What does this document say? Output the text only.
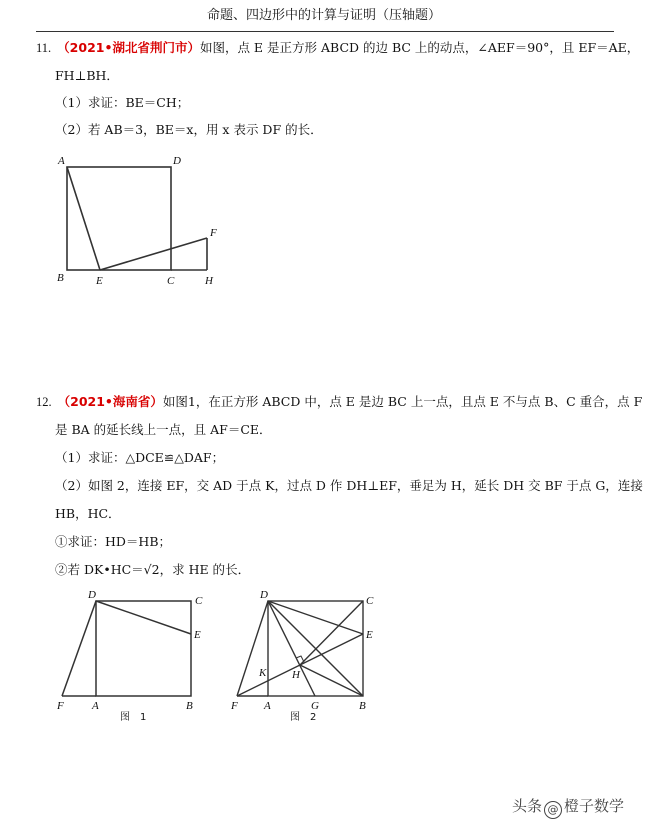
命题、四边形中的计算与证明（压轴题）
11. （2021•湖北省荆门市）如图，点 E 是正方形 ABCD 的边 BC 上的动点，∠AEF＝90°，且 EF＝AE，
FH⊥BH．
（1）求证：BE＝CH；
（2）若 AB＝3，BE＝x，用 x 表示 DF 的长．
A	D
F
B	E	C	H
12. （2021•海南省）如图1，在正方形 ABCD 中，点 E 是边 BC 上一点，且点 E 不与点 B、C 重合，点 F
是 BA 的延长线上一点，且 AF＝CE．
（1）求证：△DCE≌△DAF；
（2）如图 2，连接 EF，交 AD 于点 K，过点 D 作 DH⊥EF，垂足为 H，延长 DH 交 BF 于点 G，连接
HB，HC．
①求证：HD＝HB；
②若 DK•HC＝√2，求 HE 的长．
D	C
E
F	A	B
图　1
D	C
E
K H
F A	G	B
图　2
头条 @ 橙子数学
